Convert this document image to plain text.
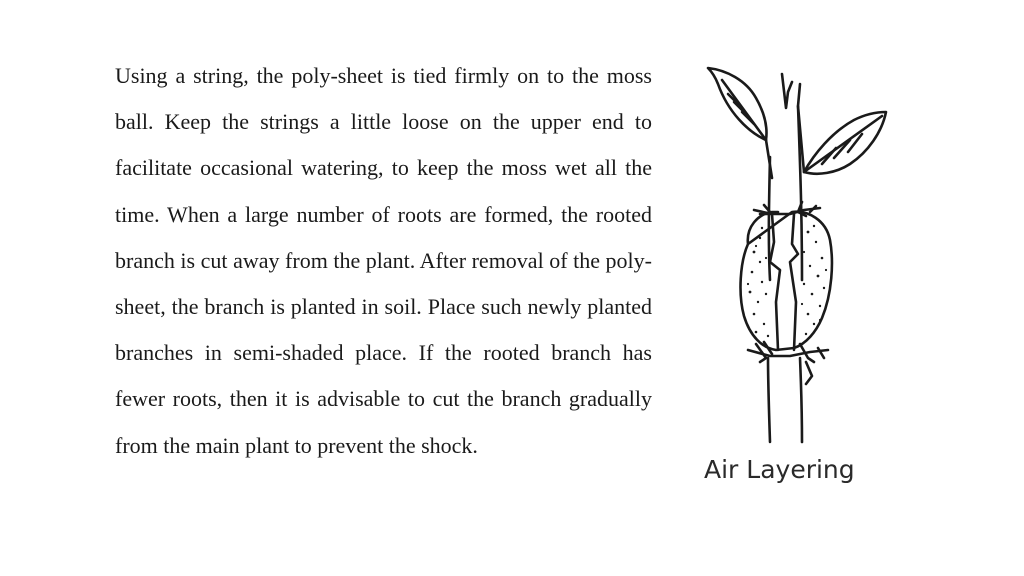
Using a string, the poly-sheet is tied firmly on to the moss ball. Keep the strings a little loose on the upper end to facilitate occasional watering, to keep the moss wet all the time. When a large number of roots are formed, the rooted branch is cut away from the plant. After removal of the poly-sheet, the branch is planted in soil. Place such newly planted branches in semi-shaded place. If the rooted branch has fewer roots, then it is advisable to cut the branch gradually from the main plant to prevent the shock.

Air Layering
